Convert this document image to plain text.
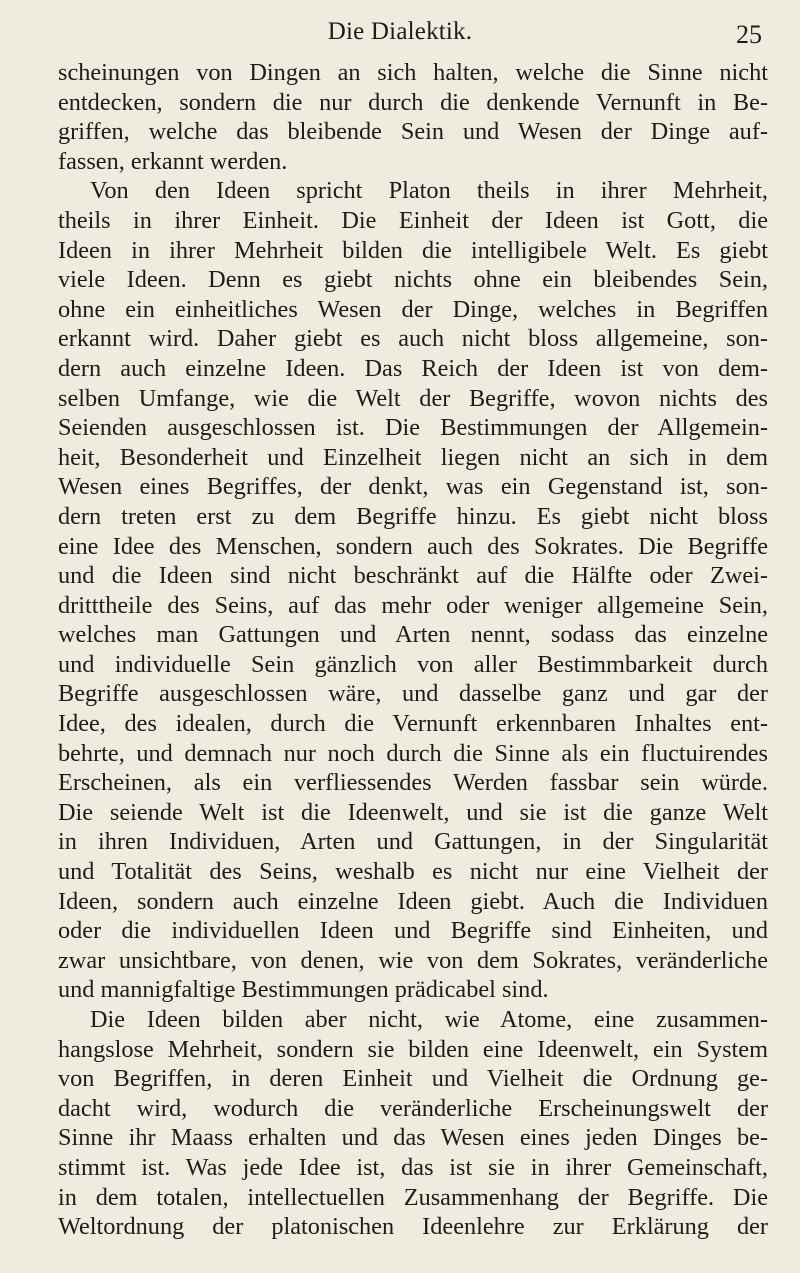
Die Dialektik.	25
scheinungen von Dingen an sich halten, welche die Sinne nicht
entdecken, sondern die nur durch die denkende Vernunft in Be-
griffen, welche das bleibende Sein und Wesen der Dinge auf-
fassen, erkannt werden.
Von den Ideen spricht Platon theils in ihrer Mehrheit,
theils in ihrer Einheit. Die Einheit der Ideen ist Gott, die
Ideen in ihrer Mehrheit bilden die intelligibele Welt. Es giebt
viele Ideen. Denn es giebt nichts ohne ein bleibendes Sein,
ohne ein einheitliches Wesen der Dinge, welches in Begriffen
erkannt wird. Daher giebt es auch nicht bloss allgemeine, son-
dern auch einzelne Ideen. Das Reich der Ideen ist von dem-
selben Umfange, wie die Welt der Begriffe, wovon nichts des
Seienden ausgeschlossen ist. Die Bestimmungen der Allgemein-
heit, Besonderheit und Einzelheit liegen nicht an sich in dem
Wesen eines Begriffes, der denkt, was ein Gegenstand ist, son-
dern treten erst zu dem Begriffe hinzu. Es giebt nicht bloss
eine Idee des Menschen, sondern auch des Sokrates. Die Begriffe
und die Ideen sind nicht beschränkt auf die Hälfte oder Zwei-
dritttheile des Seins, auf das mehr oder weniger allgemeine Sein,
welches man Gattungen und Arten nennt, sodass das einzelne
und individuelle Sein gänzlich von aller Bestimmbarkeit durch
Begriffe ausgeschlossen wäre, und dasselbe ganz und gar der
Idee, des idealen, durch die Vernunft erkennbaren Inhaltes ent-
behrte, und demnach nur noch durch die Sinne als ein fluctuirendes
Erscheinen, als ein verfliessendes Werden fassbar sein würde.
Die seiende Welt ist die Ideenwelt, und sie ist die ganze Welt
in ihren Individuen, Arten und Gattungen, in der Singularität
und Totalität des Seins, weshalb es nicht nur eine Vielheit der
Ideen, sondern auch einzelne Ideen giebt. Auch die Individuen
oder die individuellen Ideen und Begriffe sind Einheiten, und
zwar unsichtbare, von denen, wie von dem Sokrates, veränderliche
und mannigfaltige Bestimmungen prädicabel sind.
Die Ideen bilden aber nicht, wie Atome, eine zusammen-
hangslose Mehrheit, sondern sie bilden eine Ideenwelt, ein System
von Begriffen, in deren Einheit und Vielheit die Ordnung ge-
dacht wird, wodurch die veränderliche Erscheinungswelt der
Sinne ihr Maass erhalten und das Wesen eines jeden Dinges be-
stimmt ist. Was jede Idee ist, das ist sie in ihrer Gemeinschaft,
in dem totalen, intellectuellen Zusammenhang der Begriffe. Die
Weltordnung der platonischen Ideenlehre zur Erklärung der
